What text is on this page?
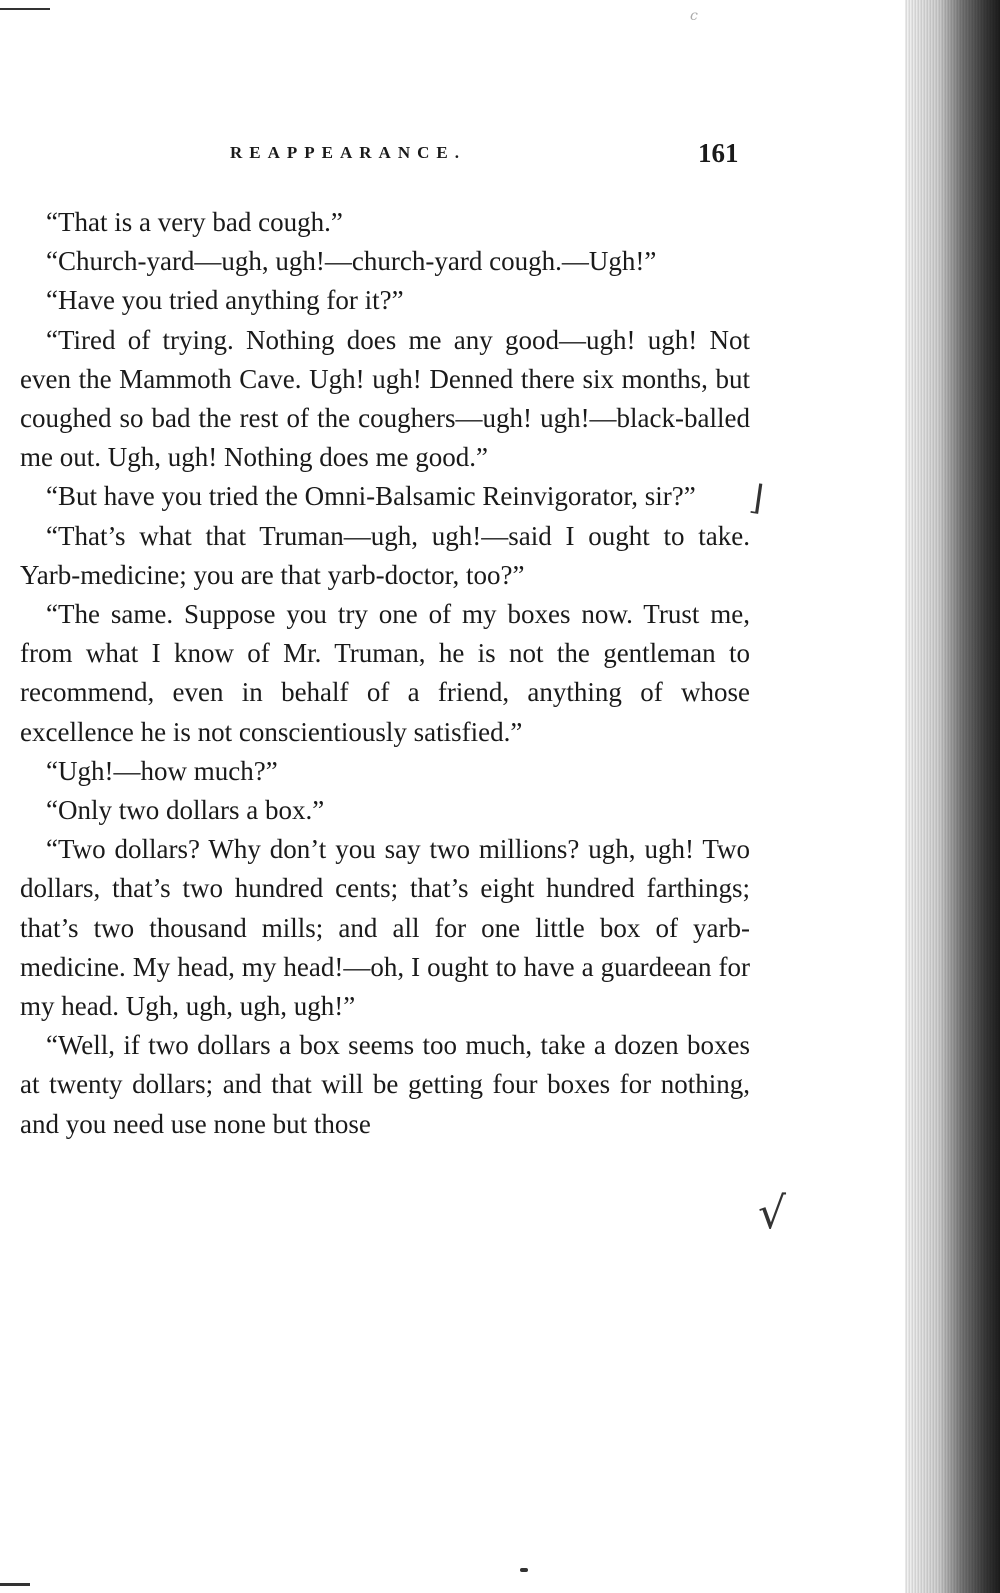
ⅽ
REAPPEARANCE.	161

“That is a very bad cough.”

“Church-yard—ugh, ugh!—church-yard cough.—Ugh!”

“Have you tried anything for it?”

“Tired of trying. Nothing does me any good—ugh! ugh! Not even the Mammoth Cave. Ugh! ugh! Denned there six months, but coughed so bad the rest of the coughers—ugh! ugh!—black-balled me out. Ugh, ugh! Nothing does me good.”

“But have you tried the Omni-Balsamic Reinvigorator, sir?”

“That’s what that Truman—ugh, ugh!—said I ought to take. Yarb-medicine; you are that yarb-doctor, too?”

“The same. Suppose you try one of my boxes now. Trust me, from what I know of Mr. Truman, he is not the gentleman to recommend, even in behalf of a friend, anything of whose excellence he is not conscientiously satisfied.”

“Ugh!—how much?”

“Only two dollars a box.”

“Two dollars? Why don’t you say two millions? ugh, ugh! Two dollars, that’s two hundred cents; that’s eight hundred farthings; that’s two thousand mills; and all for one little box of yarb-medicine. My head, my head!—oh, I ought to have a guardeean for my head. Ugh, ugh, ugh, ugh!”

“Well, if two dollars a box seems too much, take a dozen boxes at twenty dollars; and that will be getting four boxes for nothing, and you need use none but those

⌋
√
